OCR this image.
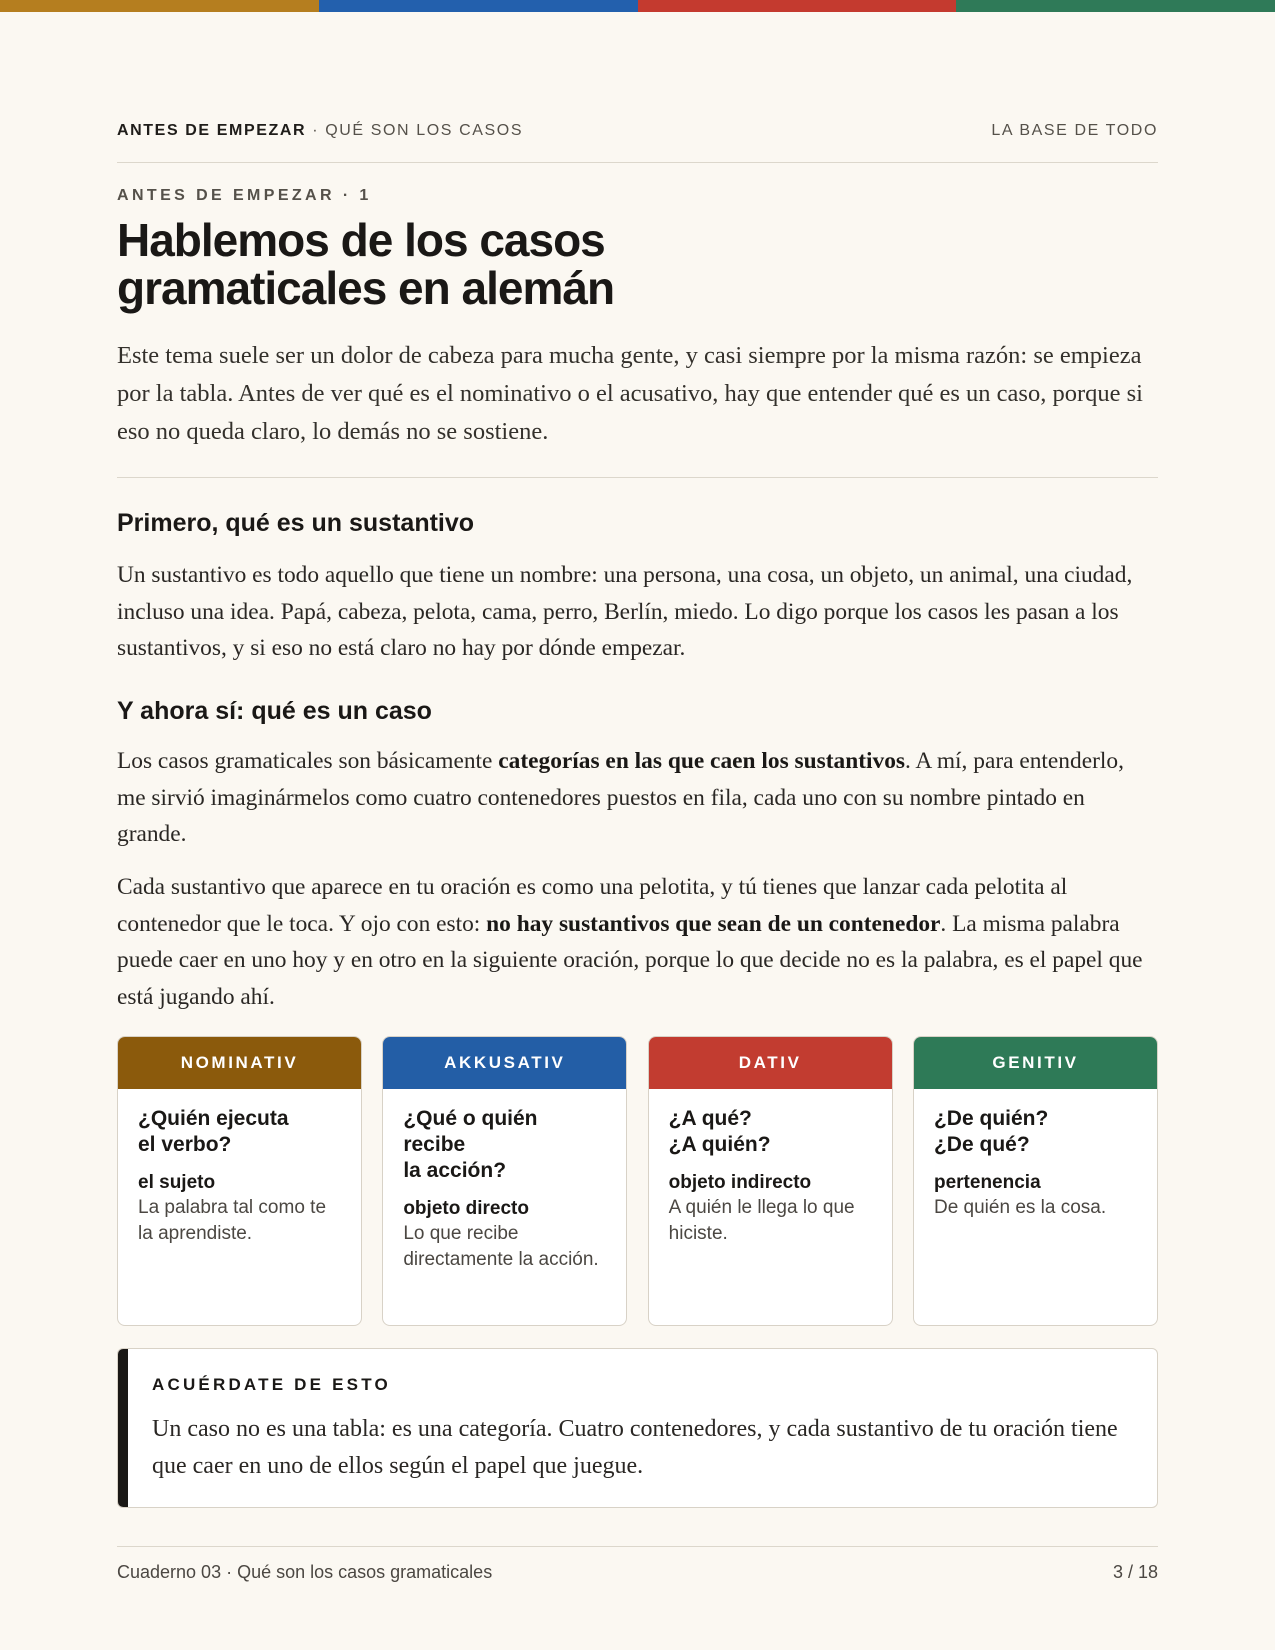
ANTES DE EMPEZAR · QUÉ SON LOS CASOS	LA BASE DE TODO
ANTES DE EMPEZAR · 1
Hablemos de los casos
gramaticales en alemán

Este tema suele ser un dolor de cabeza para mucha gente, y casi siempre por la misma razón: se empieza por la tabla. Antes de ver qué es el nominativo o el acusativo, hay que entender qué es un caso, porque si eso no queda claro, lo demás no se sostiene.

Primero, qué es un sustantivo

Un sustantivo es todo aquello que tiene un nombre: una persona, una cosa, un objeto, un animal, una ciudad, incluso una idea. Papá, cabeza, pelota, cama, perro, Berlín, miedo. Lo digo porque los casos les pasan a los sustantivos, y si eso no está claro no hay por dónde empezar.

Y ahora sí: qué es un caso

Los casos gramaticales son básicamente categorías en las que caen los sustantivos. A mí, para entenderlo, me sirvió imaginármelos como cuatro contenedores puestos en fila, cada uno con su nombre pintado en grande.

Cada sustantivo que aparece en tu oración es como una pelotita, y tú tienes que lanzar cada pelotita al contenedor que le toca. Y ojo con esto: no hay sustantivos que sean de un contenedor. La misma palabra puede caer en uno hoy y en otro en la siguiente oración, porque lo que decide no es la palabra, es el papel que está jugando ahí.

NOMINATIV

¿Quién ejecuta
el verbo?

el sujeto

La palabra tal como te la aprendiste.

AKKUSATIV

¿Qué o quién
recibe
la acción?

objeto directo

Lo que recibe directamente la acción.

DATIV

¿A qué?
¿A quién?

objeto indirecto

A quién le llega lo que hiciste.

GENITIV

¿De quién?
¿De qué?

pertenencia

De quién es la cosa.

ACUÉRDATE DE ESTO

Un caso no es una tabla: es una categoría. Cuatro contenedores, y cada sustantivo de tu oración tiene que caer en uno de ellos según el papel que juegue.

Cuaderno 03 · Qué son los casos gramaticales	3 / 18
